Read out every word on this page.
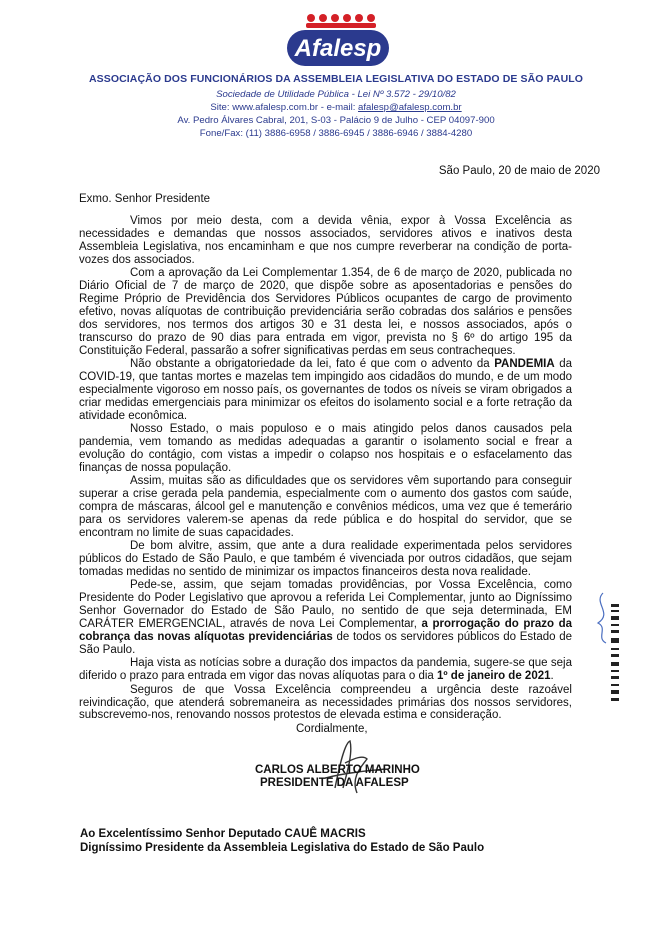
Afalesp
ASSOCIAÇÃO DOS FUNCIONÁRIOS DA ASSEMBLEIA LEGISLATIVA DO ESTADO DE SÃO PAULO
Sociedade de Utilidade Pública - Lei Nº 3.572 - 29/10/82
Site: www.afalesp.com.br - e-mail: afalesp@afalesp.com.br
Av. Pedro Álvares Cabral, 201, S-03 - Palácio 9 de Julho - CEP 04097-900
Fone/Fax: (11) 3886-6958 / 3886-6945 / 3886-6946 / 3884-4280
São Paulo, 20 de maio de 2020
Exmo. Senhor Presidente

Vimos por meio desta, com a devida vênia, expor à Vossa Excelência as necessidades e demandas que nossos associados, servidores ativos e inativos desta Assembleia Legislativa, nos encaminham e que nos cumpre reverberar na condição de porta-vozes dos associados.

Com a aprovação da Lei Complementar 1.354, de 6 de março de 2020, publicada no Diário Oficial de 7 de março de 2020, que dispõe sobre as aposentadorias e pensões do Regime Próprio de Previdência dos Servidores Públicos ocupantes de cargo de provimento efetivo, novas alíquotas de contribuição previdenciária serão cobradas dos salários e pensões dos servidores, nos termos dos artigos 30 e 31 desta lei, e nossos associados, após o transcurso do prazo de 90 dias para entrada em vigor, prevista no § 6º do artigo 195 da Constituição Federal, passarão a sofrer significativas perdas em seus contracheques.

Não obstante a obrigatoriedade da lei, fato é que com o advento da PANDEMIA da COVID-19, que tantas mortes e mazelas tem impingido aos cidadãos do mundo, e de um modo especialmente vigoroso em nosso país, os governantes de todos os níveis se viram obrigados a criar medidas emergenciais para minimizar os efeitos do isolamento social e a forte retração da atividade econômica.

Nosso Estado, o mais populoso e o mais atingido pelos danos causados pela pandemia, vem tomando as medidas adequadas a garantir o isolamento social e frear a evolução do contágio, com vistas a impedir o colapso nos hospitais e o esfacelamento das finanças de nossa população.

Assim, muitas são as dificuldades que os servidores vêm suportando para conseguir superar a crise gerada pela pandemia, especialmente com o aumento dos gastos com saúde, compra de máscaras, álcool gel e manutenção e convênios médicos, uma vez que é temerário para os servidores valerem-se apenas da rede pública e do hospital do servidor, que se encontram no limite de suas capacidades.

De bom alvitre, assim, que ante a dura realidade experimentada pelos servidores públicos do Estado de São Paulo, e que também é vivenciada por outros cidadãos, que sejam tomadas medidas no sentido de minimizar os impactos financeiros desta nova realidade.

Pede-se, assim, que sejam tomadas providências, por Vossa Excelência, como Presidente do Poder Legislativo que aprovou a referida Lei Complementar, junto ao Digníssimo Senhor Governador do Estado de São Paulo, no sentido de que seja determinada, EM CARÁTER EMERGENCIAL, através de nova Lei Complementar, a prorrogação do prazo da cobrança das novas alíquotas previdenciárias de todos os servidores públicos do Estado de São Paulo.

Haja vista as notícias sobre a duração dos impactos da pandemia, sugere-se que seja diferido o prazo para entrada em vigor das novas alíquotas para o dia 1º de janeiro de 2021.

Seguros de que Vossa Excelência compreendeu a urgência deste razoável reivindicação, que atenderá sobremaneira as necessidades primárias dos nossos servidores, subscrevemo-nos, renovando nossos protestos de elevada estima e consideração.

Cordialmente,
CARLOS ALBERTO MARINHO
PRESIDENTE DA AFALESP
Ao Excelentíssimo Senhor Deputado CAUÊ MACRIS
Digníssimo Presidente da Assembleia Legislativa do Estado de São Paulo
